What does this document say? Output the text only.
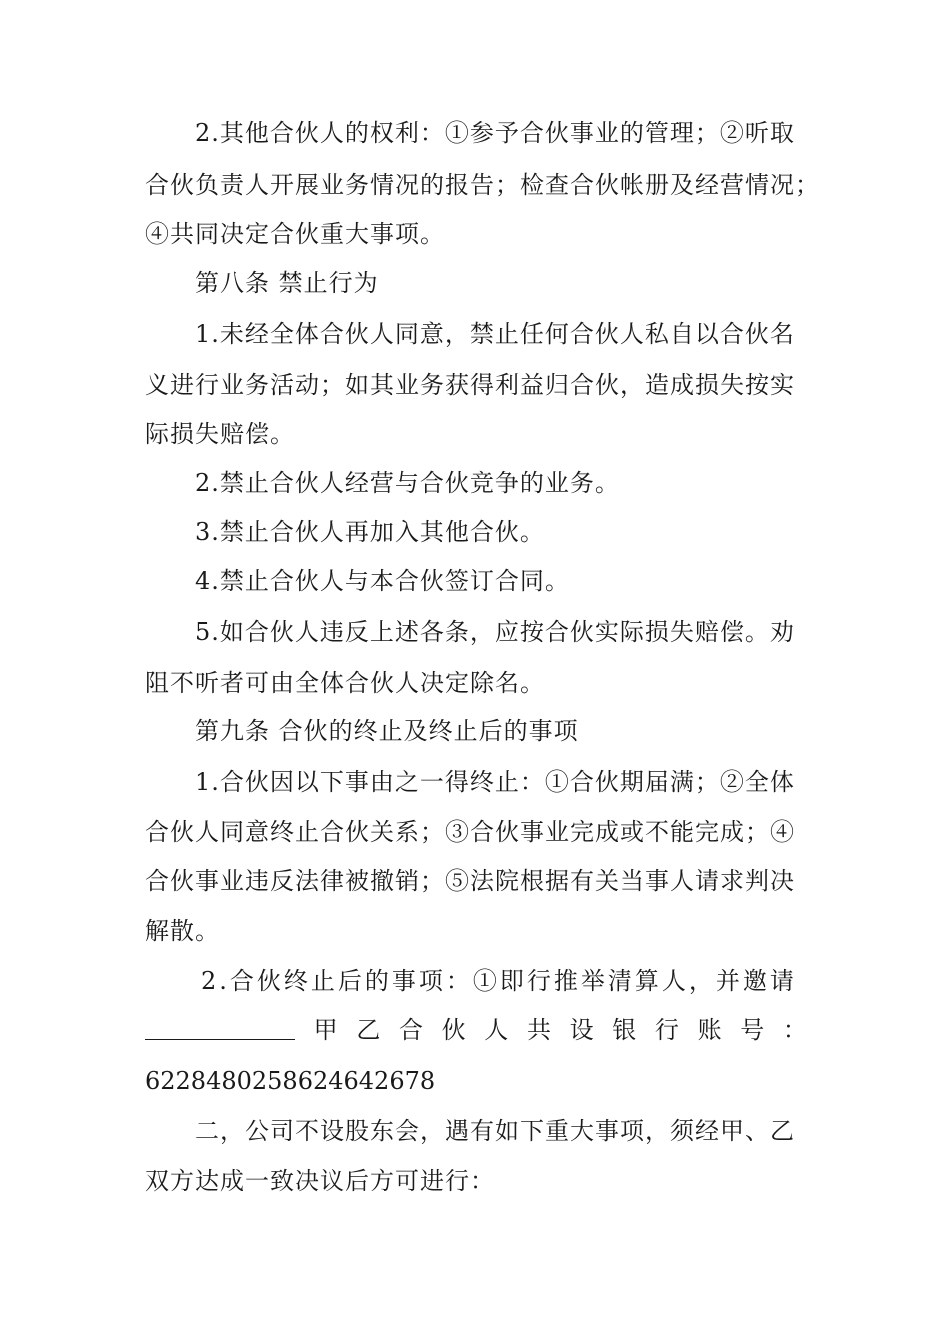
2.其他合伙人的权利：①参予合伙事业的管理；②听取
合伙负责人开展业务情况的报告；检查合伙帐册及经营情况；
④共同决定合伙重大事项。
第八条 禁止行为
1.未经全体合伙人同意，禁止任何合伙人私自以合伙名
义进行业务活动；如其业务获得利益归合伙，造成损失按实
际损失赔偿。
2.禁止合伙人经营与合伙竞争的业务。
3.禁止合伙人再加入其他合伙。
4.禁止合伙人与本合伙签订合同。
5.如合伙人违反上述各条，应按合伙实际损失赔偿。劝
阻不听者可由全体合伙人决定除名。
第九条 合伙的终止及终止后的事项
1.合伙因以下事由之一得终止：①合伙期届满；②全体
合伙人同意终止合伙关系；③合伙事业完成或不能完成；④
合伙事业违反法律被撤销；⑤法院根据有关当事人请求判决
解散。
2.合伙终止后的事项：①即行推举清算人，并邀请
甲 乙 合 伙 人 共 设 银 行 账 号 ：
6228480258624642678
二，公司不设股东会，遇有如下重大事项，须经甲、乙
双方达成一致决议后方可进行：
